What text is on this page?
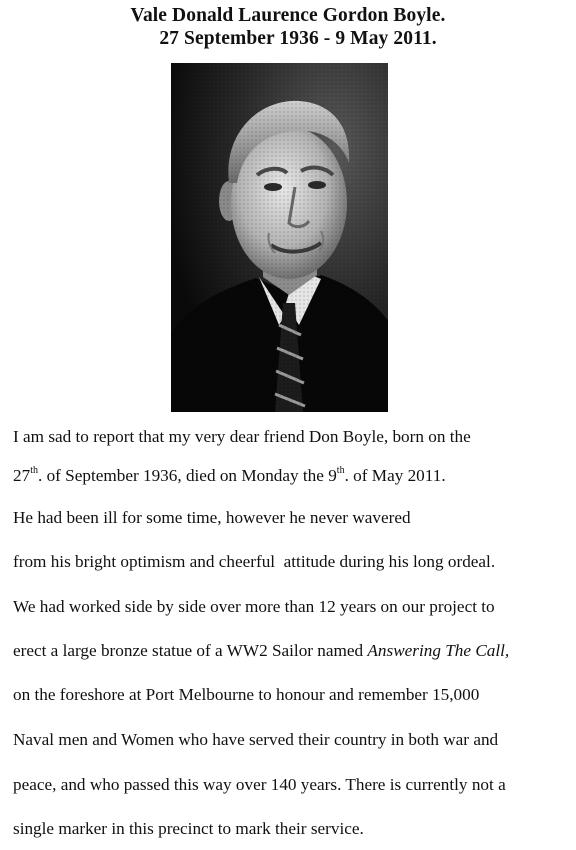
Vale Donald Laurence Gordon Boyle.
27 September 1936 - 9 May 2011.
I am sad to report that my very dear friend Don Boyle, born on the
27th. of September 1936, died on Monday the 9th. of May 2011.
He had been ill for some time, however he never wavered
from his bright optimism and cheerful  attitude during his long ordeal.
We had worked side by side over more than 12 years on our project to
erect a large bronze statue of a WW2 Sailor named Answering The Call,
on the foreshore at Port Melbourne to honour and remember 15,000
Naval men and Women who have served their country in both war and
peace, and who passed this way over 140 years. There is currently not a
single marker in this precinct to mark their service.
